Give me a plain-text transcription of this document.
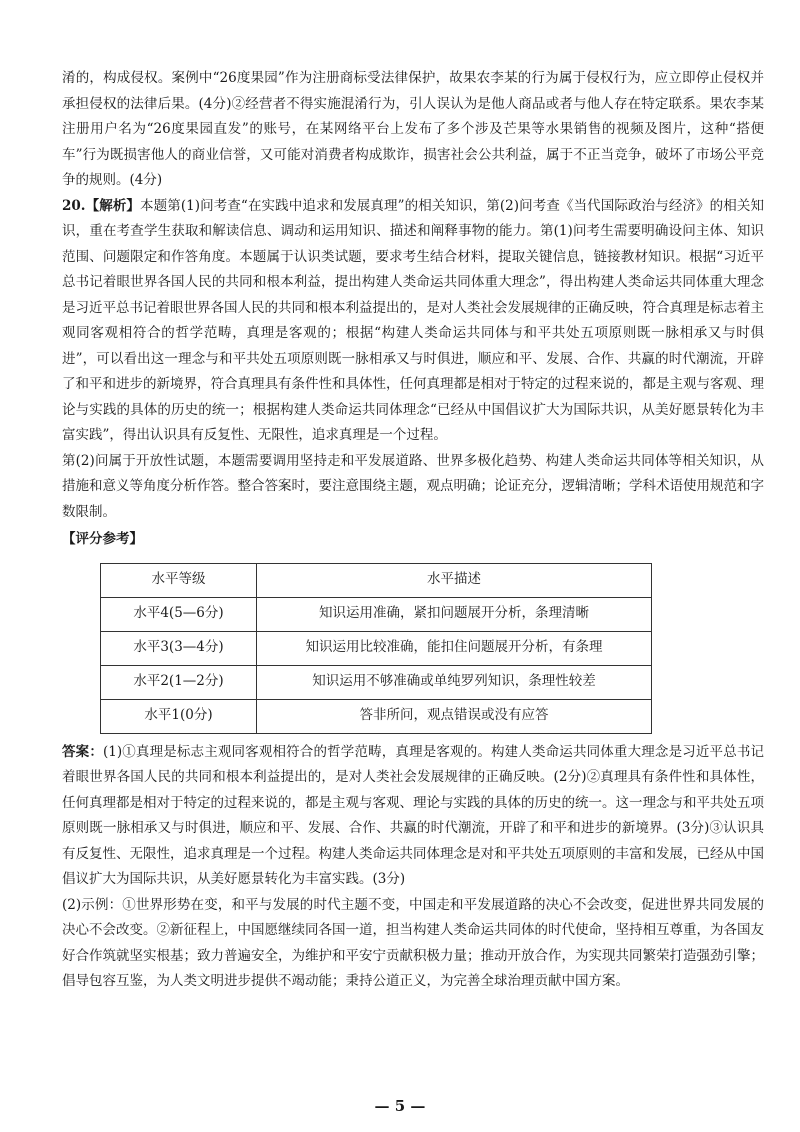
淆的，构成侵权。案例中“26度果园”作为注册商标受法律保护，故果农李某的行为属于侵权行为，应立即停止侵权并承担侵权的法律后果。(4分)②经营者不得实施混淆行为，引人误认为是他人商品或者与他人存在特定联系。果农李某注册用户名为“26度果园直发”的账号，在某网络平台上发布了多个涉及芒果等水果销售的视频及图片，这种“搭便车”行为既损害他人的商业信誉，又可能对消费者构成欺诈，损害社会公共利益，属于不正当竞争，破坏了市场公平竞争的规则。(4分)

20.【解析】本题第(1)问考查“在实践中追求和发展真理”的相关知识，第(2)问考查《当代国际政治与经济》的相关知识，重在考查学生获取和解读信息、调动和运用知识、描述和阐释事物的能力。第(1)问考生需要明确设问主体、知识范围、问题限定和作答角度。本题属于认识类试题，要求考生结合材料，提取关键信息，链接教材知识。根据“习近平总书记着眼世界各国人民的共同和根本利益，提出构建人类命运共同体重大理念”，得出构建人类命运共同体重大理念是习近平总书记着眼世界各国人民的共同和根本利益提出的，是对人类社会发展规律的正确反映，符合真理是标志着主观同客观相符合的哲学范畴，真理是客观的；根据“构建人类命运共同体与和平共处五项原则既一脉相承又与时俱进”，可以看出这一理念与和平共处五项原则既一脉相承又与时俱进，顺应和平、发展、合作、共赢的时代潮流，开辟了和平和进步的新境界，符合真理具有条件性和具体性，任何真理都是相对于特定的过程来说的，都是主观与客观、理论与实践的具体的历史的统一；根据构建人类命运共同体理念“已经从中国倡议扩大为国际共识，从美好愿景转化为丰富实践”，得出认识具有反复性、无限性，追求真理是一个过程。

第(2)问属于开放性试题，本题需要调用坚持走和平发展道路、世界多极化趋势、构建人类命运共同体等相关知识，从措施和意义等角度分析作答。整合答案时，要注意围绕主题，观点明确；论证充分，逻辑清晰；学科术语使用规范和字数限制。

【评分参考】

水平等级	水平描述
水平4(5—6分)	知识运用准确，紧扣问题展开分析，条理清晰
水平3(3—4分)	知识运用比较准确，能扣住问题展开分析，有条理
水平2(1—2分)	知识运用不够准确或单纯罗列知识，条理性较差
水平1(0分)	答非所问，观点错误或没有应答

答案：(1)①真理是标志主观同客观相符合的哲学范畴，真理是客观的。构建人类命运共同体重大理念是习近平总书记着眼世界各国人民的共同和根本利益提出的，是对人类社会发展规律的正确反映。(2分)②真理具有条件性和具体性，任何真理都是相对于特定的过程来说的，都是主观与客观、理论与实践的具体的历史的统一。这一理念与和平共处五项原则既一脉相承又与时俱进，顺应和平、发展、合作、共赢的时代潮流，开辟了和平和进步的新境界。(3分)③认识具有反复性、无限性，追求真理是一个过程。构建人类命运共同体理念是对和平共处五项原则的丰富和发展，已经从中国倡议扩大为国际共识，从美好愿景转化为丰富实践。(3分)

(2)示例：①世界形势在变，和平与发展的时代主题不变，中国走和平发展道路的决心不会改变，促进世界共同发展的决心不会改变。②新征程上，中国愿继续同各国一道，担当构建人类命运共同体的时代使命，坚持相互尊重，为各国友好合作筑就坚实根基；致力普遍安全，为维护和平安宁贡献积极力量；推动开放合作，为实现共同繁荣打造强劲引擎；倡导包容互鉴，为人类文明进步提供不竭动能；秉持公道正义，为完善全球治理贡献中国方案。

— 5 —
